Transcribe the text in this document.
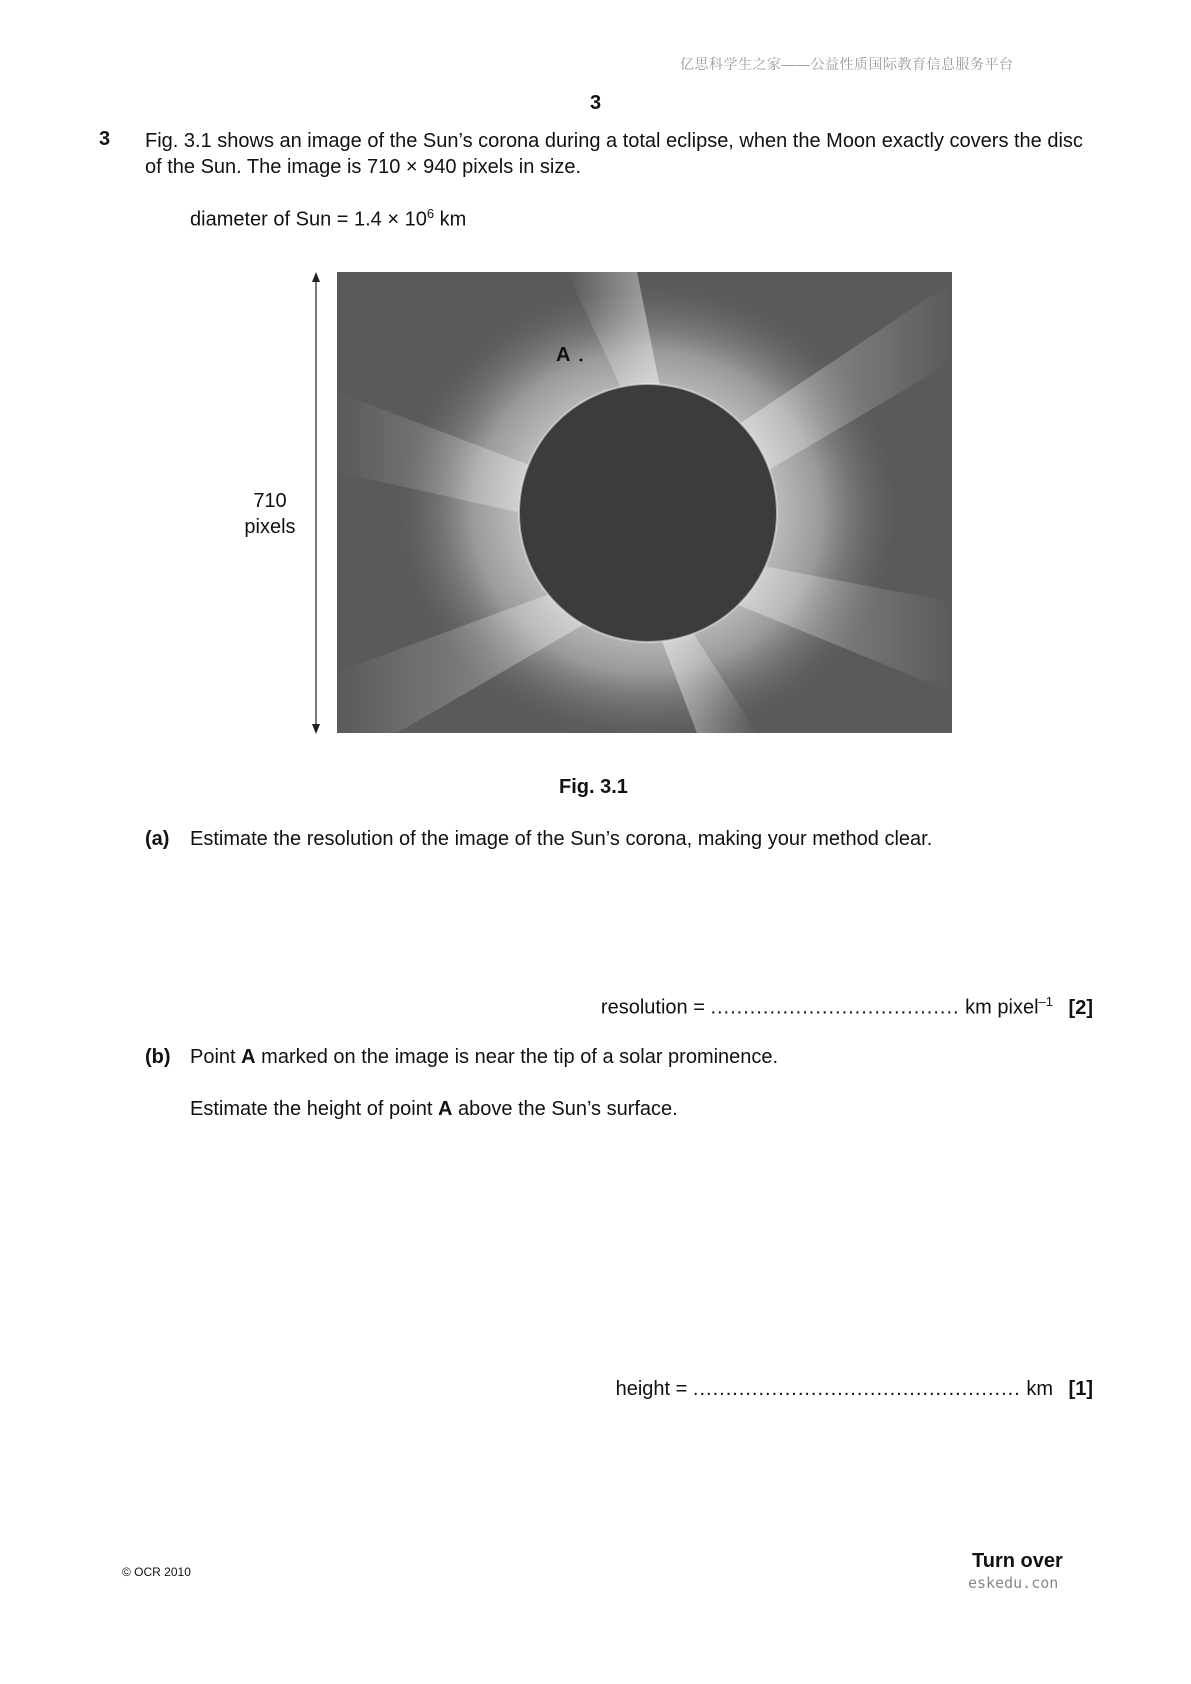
亿思科学生之家——公益性质国际教育信息服务平台
3
3 Fig. 3.1 shows an image of the Sun’s corona during a total eclipse, when the Moon exactly covers the disc of the Sun. The image is 710 × 940 pixels in size.
diameter of Sun = $1.4 \times 10^6$ km
710
pixels
A
Fig. 3.1
(a) Estimate the resolution of the image of the Sun’s corona, making your method clear.
resolution = ...................................... km pixel$^{-1}$ [2]
(b) Point A marked on the image is near the tip of a solar prominence.
Estimate the height of point A above the Sun’s surface.
height = .................................................. km [1]
© OCR 2010	Turn over
eskedu.con
